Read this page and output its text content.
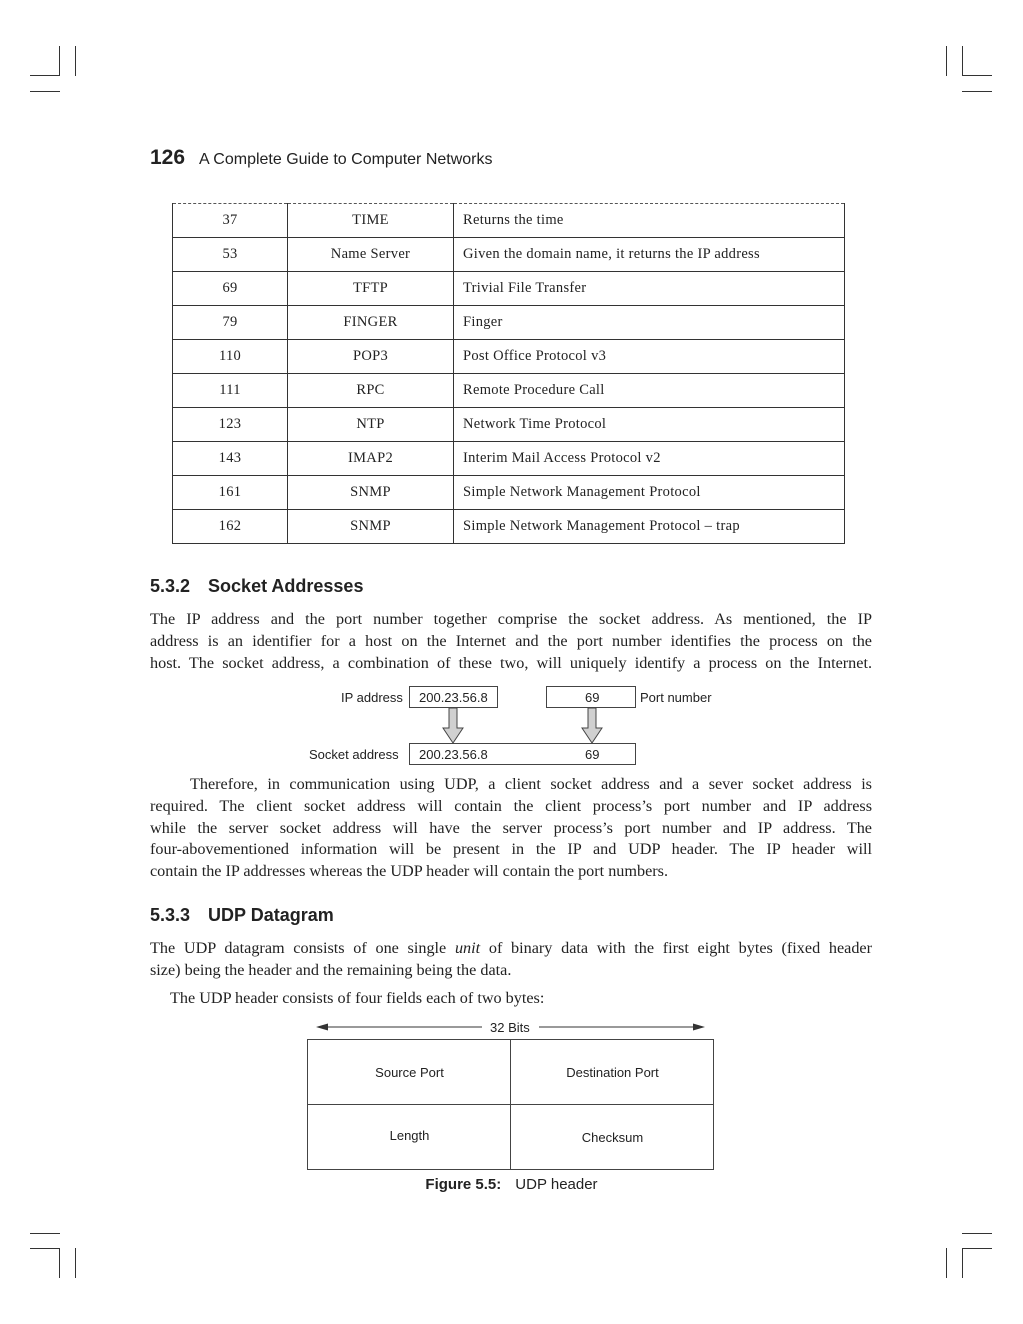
126 A Complete Guide to Computer Networks
37	TIME	Returns the time
53	Name Server	Given the domain name, it returns the IP address
69	TFTP	Trivial File Transfer
79	FINGER	Finger
110	POP3	Post Office Protocol v3
111	RPC	Remote Procedure Call
123	NTP	Network Time Protocol
143	IMAP2	Interim Mail Access Protocol v2
161	SNMP	Simple Network Management Protocol
162	SNMP	Simple Network Management Protocol – trap
5.3.2 Socket Addresses
The IP address and the port number together comprise the socket address. As mentioned, the IP
address is an identifier for a host on the Internet and the port number identifies the process on the
host. The socket address, a combination of these two, will uniquely identify a process on the Internet.
IP address 200.23.56.8	69	Port number
Socket address 200.23.56.8	69
Therefore, in communication using UDP, a client socket address and a sever socket address is
required. The client socket address will contain the client process’s port number and IP address
while the server socket address will have the server process’s port number and IP address. The
four-abovementioned information will be present in the IP and UDP header. The IP header will
contain the IP addresses whereas the UDP header will contain the port numbers.
5.3.3 UDP Datagram
The UDP datagram consists of one single unit of binary data with the first eight bytes (fixed header
size) being the header and the remaining being the data.
The UDP header consists of four fields each of two bytes:
32 Bits
Source Port	Destination Port
Length	Checksum
Figure 5.5: UDP header
